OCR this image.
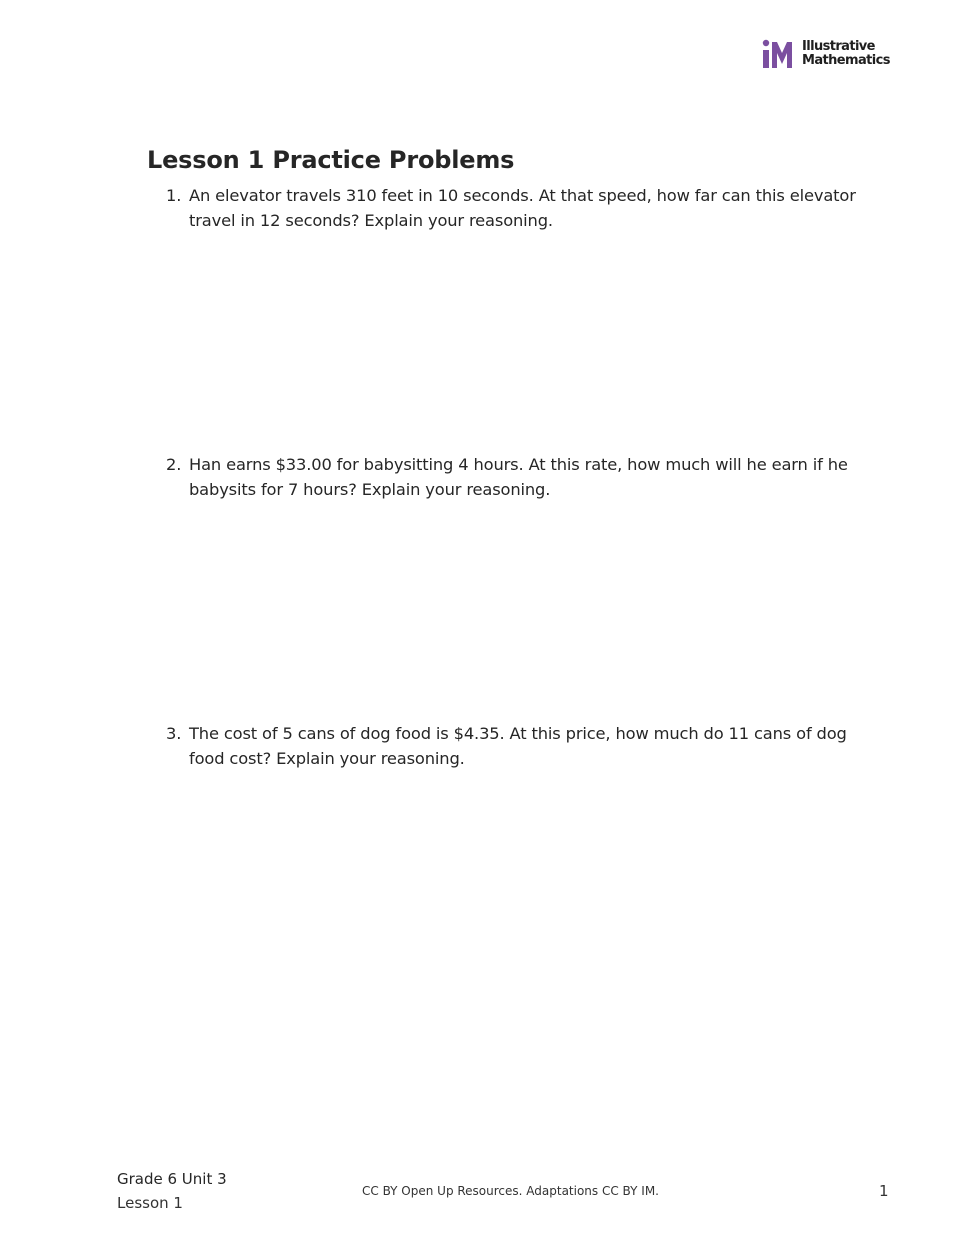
Illustrative
Mathematics
Lesson 1 Practice Problems
1. An elevator travels 310 feet in 10 seconds. At that speed, how far can this elevator
travel in 12 seconds? Explain your reasoning.
2. Han earns $33.00 for babysitting 4 hours. At this rate, how much will he earn if he
babysits for 7 hours? Explain your reasoning.
3. The cost of 5 cans of dog food is $4.35. At this price, how much do 11 cans of dog
food cost? Explain your reasoning.
Grade 6 Unit 3
Lesson 1
CC BY Open Up Resources. Adaptations CC BY IM.	1
